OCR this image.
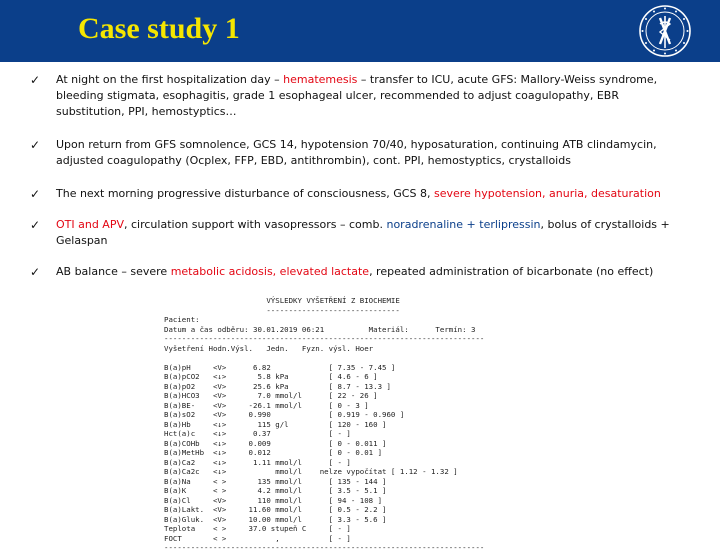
Case study 1
✓ At night on the first hospitalization day – hematemesis – transfer to ICU, acute GFS: Mallory-Weiss syndrome, bleeding stigmata, esophagitis, grade 1 esophageal ulcer, recommended to adjust coagulopathy, EBR substitution, PPI, hemostyptics…
✓ Upon return from GFS somnolence, GCS 14, hypotension 70/40, hyposaturation, continuing ATB clindamycin, adjusted coagulopathy (Ocplex, FFP, EBD, antithrombin), cont. PPI, hemostyptics, crystalloids
✓ The next morning progressive disturbance of consciousness, GCS 8, severe hypotension, anuria, desaturation
✓ OTI and APV, circulation support with vasopressors – comb. noradrenaline + terlipressin, bolus of crystalloids + Gelaspan
✓ AB balance – severe metabolic acidosis, elevated lactate, repeated administration of bicarbonate (no effect)
VÝSLEDKY VYŠETŘENÍ Z BIOCHEMIE
------------------------------
Pacient:
Datum a čas odběru: 30.01.2019 06:21          Materiál:      Termín: 3
------------------------------------------------------------------------
Vyšetření Hodn.Výsl.   Jedn.   Fyzn. výsl. Hoer

B(a)pH     <V>      6.82             [ 7.35 - 7.45 ]
B(a)pCO2   <↓>       5.8 kPa         [ 4.6 - 6 ]
B(a)pO2    <V>      25.6 kPa         [ 8.7 - 13.3 ]
B(a)HCO3   <V>       7.0 mmol/l      [ 22 - 26 ]
B(a)BE-    <V>     -26.1 mmol/l      [ 0 - 3 ]
B(a)sO2    <V>     0.990             [ 0.919 - 0.960 ]
B(a)Hb     <↓>       115 g/l         [ 120 - 160 ]
Hct(a)c    <↓>      0.37             [ - ]
B(a)COHb   <↓>     0.009             [ 0 - 0.011 ]
B(a)MetHb  <↓>     0.012             [ 0 - 0.01 ]
B(a)Ca2    <↓>      1.11 mmol/l      [ - ]
B(a)Ca2c   <↓>           mmol/l    nelze vypočítat [ 1.12 - 1.32 ]
B(a)Na     < >       135 mmol/l      [ 135 - 144 ]
B(a)K      < >       4.2 mmol/l      [ 3.5 - 5.1 ]
B(a)Cl     <V>       110 mmol/l      [ 94 - 108 ]
B(a)Lakt.  <V>     11.60 mmol/l      [ 0.5 - 2.2 ]
B(a)Gluk.  <V>     10.00 mmol/l      [ 3.3 - 5.6 ]
Teplota    < >     37.0 stupeň C     [ - ]
FOCT       < >           ,           [ - ]
------------------------------------------------------------------------
